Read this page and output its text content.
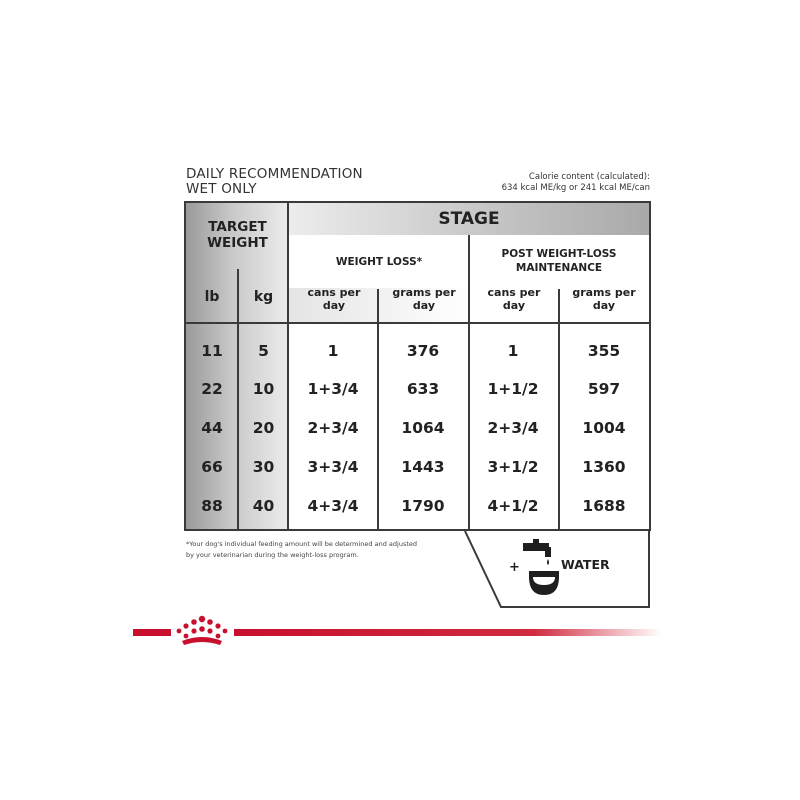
DAILY RECOMMENDATION
WET ONLY
Calorie content (calculated):
634 kcal ME/kg or 241 kcal ME/can
STAGE
TARGET WEIGHT
lb	kg
WEIGHT LOSS*
POST WEIGHT-LOSS MAINTENANCE
cans per day
grams per day
cans per day
grams per day
11	5	1	376	1	355
22	10	1+3/4	633	1+1/2	597
44	20	2+3/4	1064	2+3/4	1004
66	30	3+3/4	1443	3+1/2	1360
88	40	4+3/4	1790	4+1/2	1688
*Your dog's individual feeding amount will be determined and adjusted
by your veterinarian during the weight-loss program.
+	WATER
